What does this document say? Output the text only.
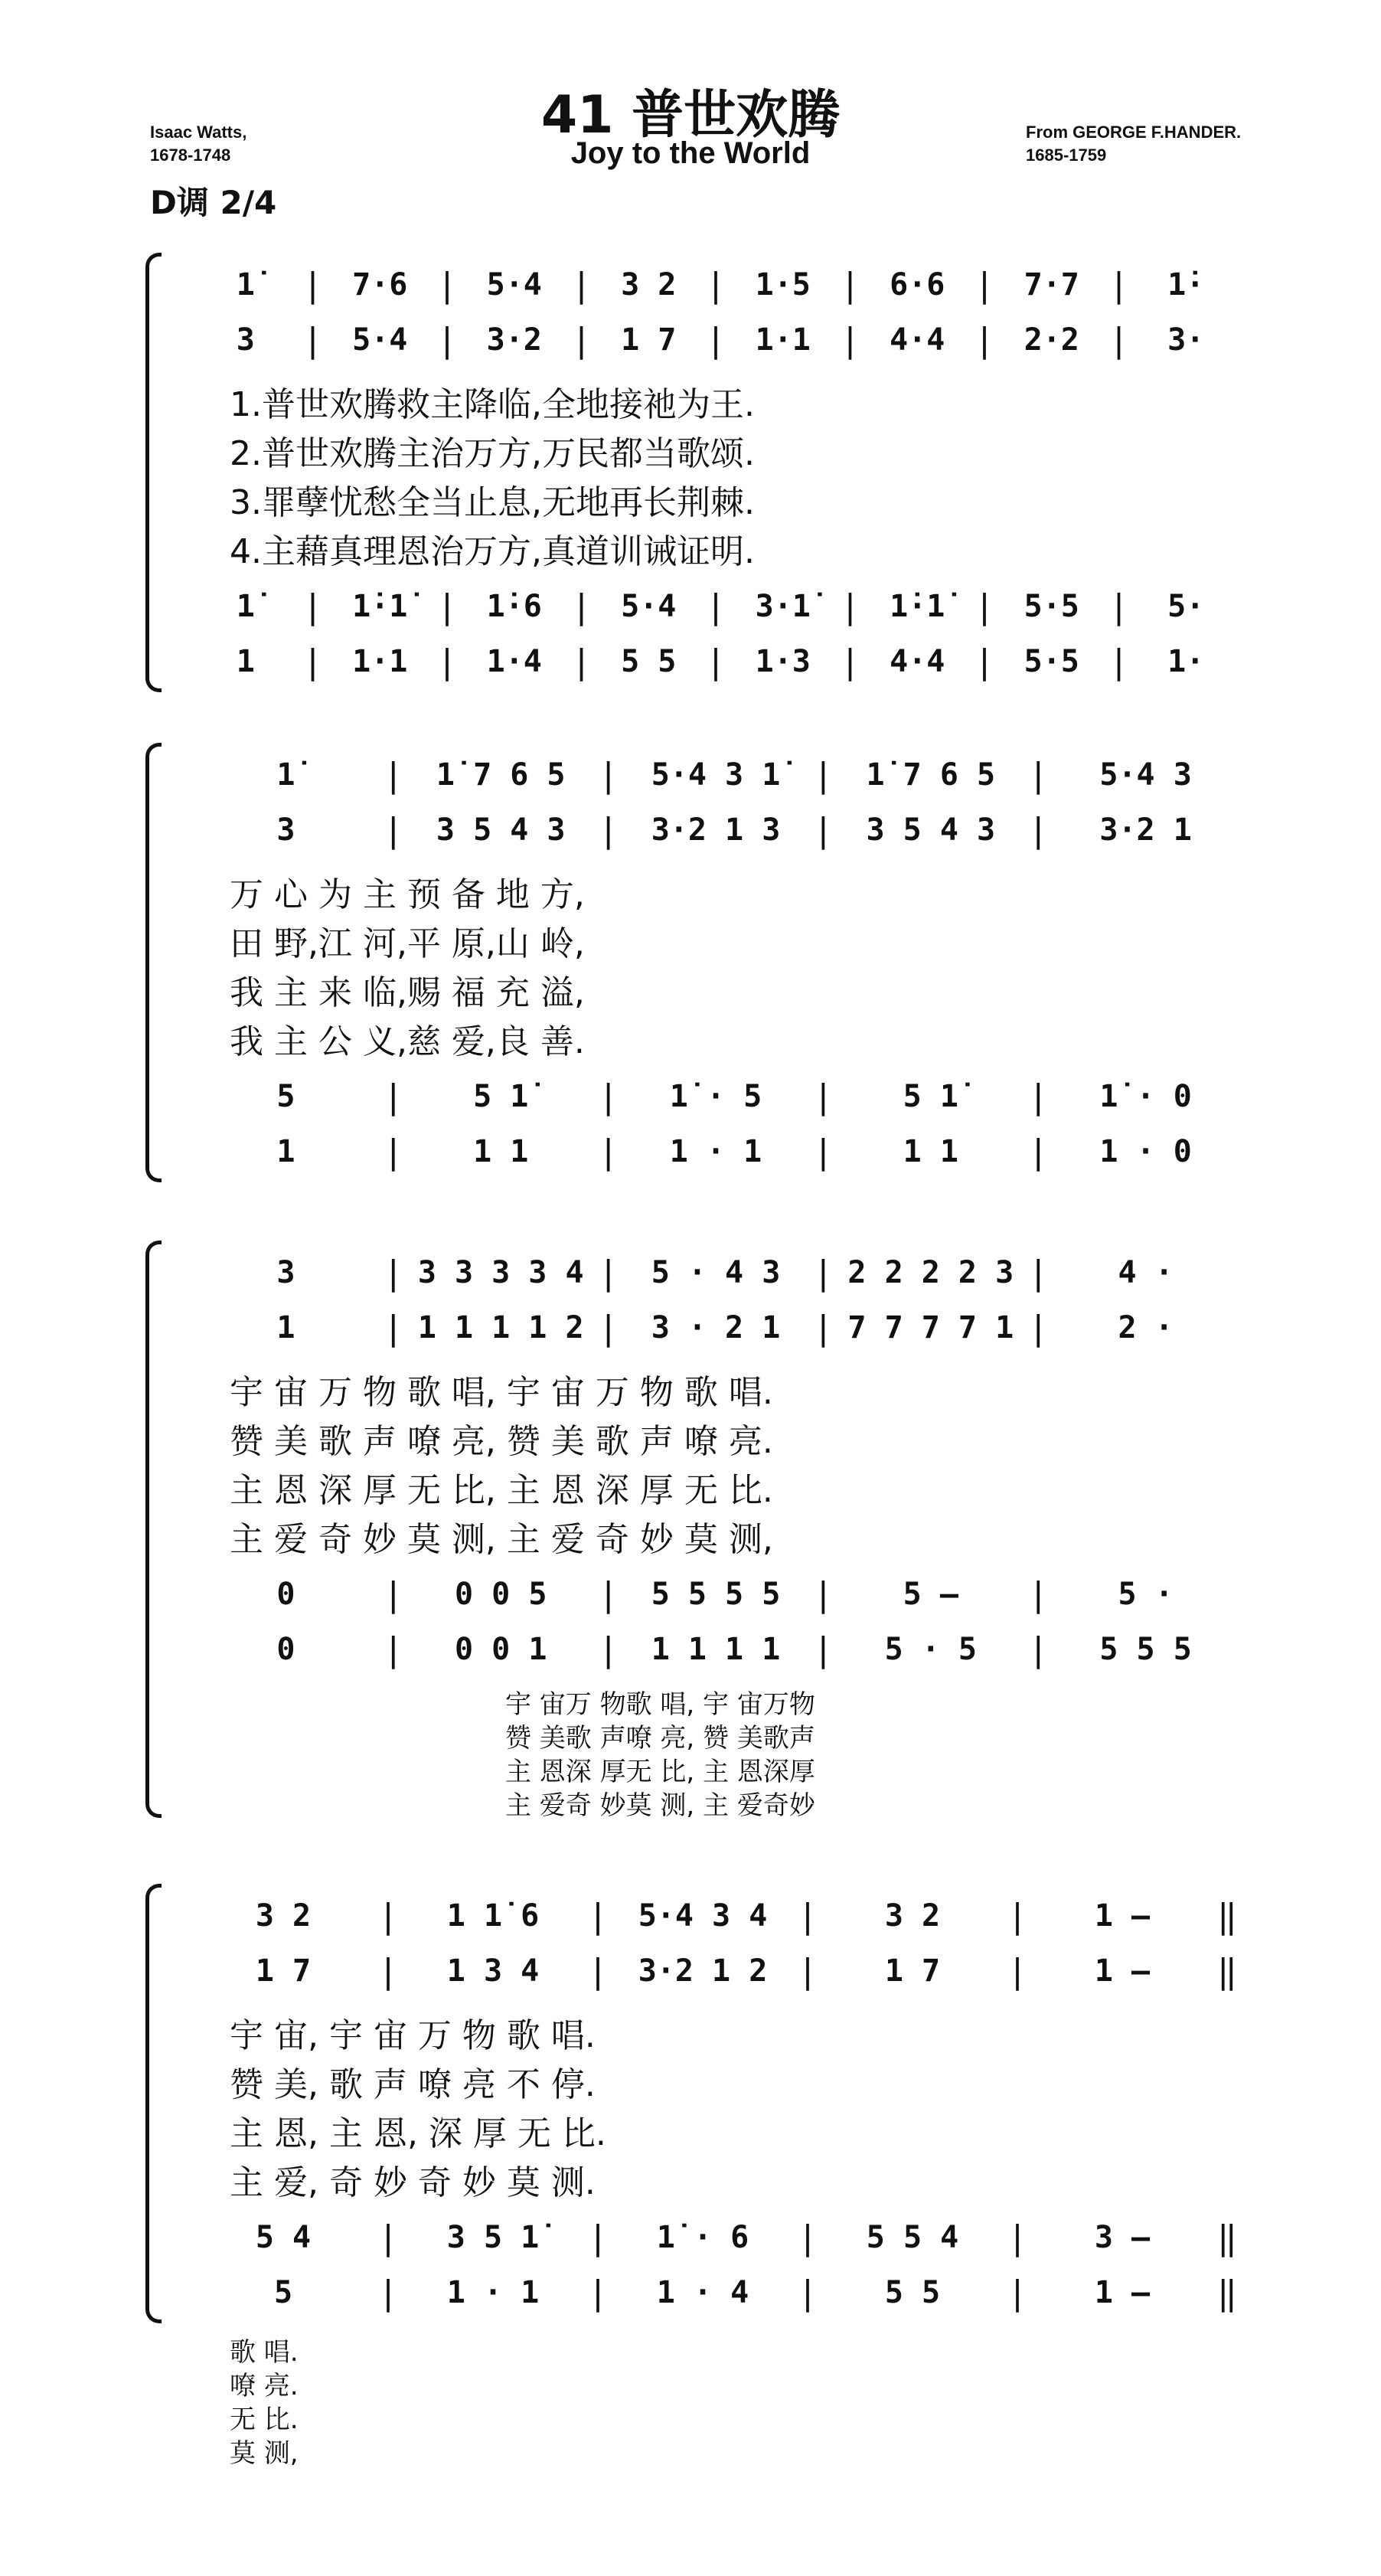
41 普世欢腾
Joy to the World
Isaac Watts,
1678-1748
From GEORGE F.HANDER.
1685-1759
D调 2/4
1̇	| 7·6 | 5·4 | 3 2 | 1·5 | 6·6 | 7·7 |	1̇·
3	| 5·4 | 3·2 | 1 7 | 1·1 | 4·4 | 2·2 |	3·
1.普世欢腾救主降临,全地接祂为王.
2.普世欢腾主治万方,万民都当歌颂.
3.罪孽忧愁全当止息,无地再长荆棘.
4.主藉真理恩治万方,真道训诫证明.
1̇	| 1̇·1̇ | 1̇·6 | 5·4 | 3·1̇ | 1̇·1̇ | 5·5 |	5·
1	| 1·1 | 1·4 | 5 5 | 1·3 | 4·4 | 5·5 |	1·
1̇	|	1̇ 7 6 5 |	5·4 3 1̇ |	1̇ 7 6 5 |	5·4 3
3	|	3 5 4 3 |	3·2 1 3 |	3 5 4 3 |	3·2 1
万 心 为 主 预 备 地 方,
田 野,江 河,平 原,山 岭,
我 主 来 临,赐 福 充 溢,
我 主 公 义,慈 爱,良 善.
5	|	5 1̇	|	1̇ · 5	|	5 1̇	|	1̇ · 0
1	|	1 1	|	1 · 1	|	1 1	|	1 · 0
3	| 3 3 3 3 4 |	5 · 4 3 | 2 2 2 2 3 |	4 ·
1	| 1 1 1 1 2 |	3 · 2 1 | 7 7 7 7 1 |	2 ·
宇 宙 万 物 歌 唱, 宇 宙 万 物 歌 唱.
赞 美 歌 声 嘹 亮, 赞 美 歌 声 嘹 亮.
主 恩 深 厚 无 比, 主 恩 深 厚 无 比.
主 爱 奇 妙 莫 测, 主 爱 奇 妙 莫 测,
0	|	0 0 5	|	5 5 5 5 |	5 —	|	5 ·
0	|	0 0 1	|	1 1 1 1 |	5 · 5	|	5 5 5
宇 宙万 物歌 唱, 宇 宙万物
赞 美歌 声嘹 亮, 赞 美歌声
主 恩深 厚无 比, 主 恩深厚
主 爱奇 妙莫 测, 主 爱奇妙
3 2	|	1 1̇ 6	| 5·4 3 4 |	3 2	|	1 —	‖
1 7	|	1 3 4	| 3·2 1 2 |	1 7	|	1 —	‖
宇 宙, 宇 宙 万 物 歌 唱.
赞 美, 歌 声 嘹 亮 不 停.
主 恩, 主 恩, 深 厚 无 比.
主 爱, 奇 妙 奇 妙 莫 测.
5 4	|	3 5 1̇	|	1̇ · 6	|	5 5 4	|	3 —	‖
5	|	1 · 1	|	1 · 4	|	5 5	|	1 —	‖
歌 唱.
嘹 亮.
无 比.
莫 测,
